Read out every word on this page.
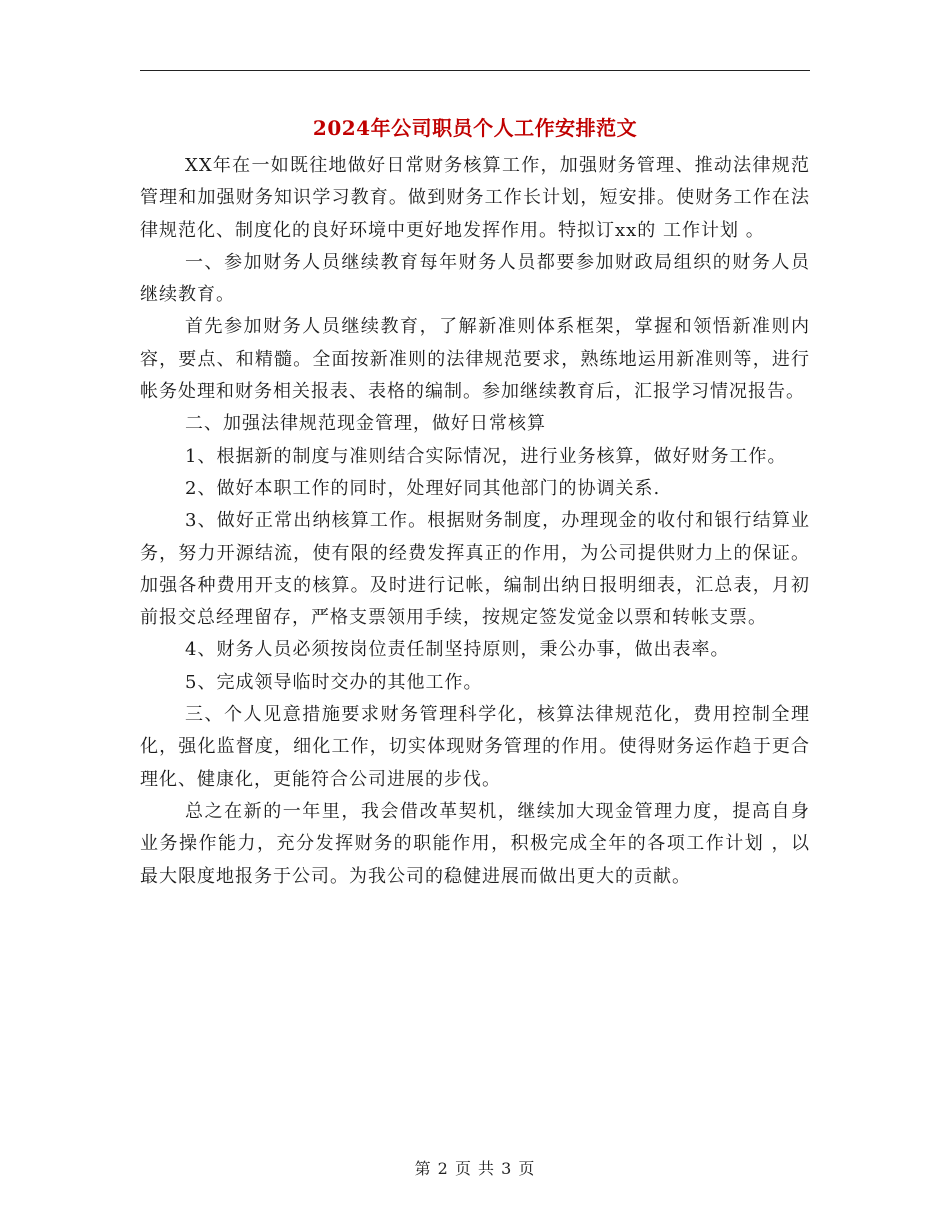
2024年公司职员个人工作安排范文

XX年在一如既往地做好日常财务核算工作，加强财务管理、推动法律规范管理和加强财务知识学习教育。做到财务工作长计划，短安排。使财务工作在法律规范化、制度化的良好环境中更好地发挥作用。特拟订xx的 工作计划 。

一、参加财务人员继续教育每年财务人员都要参加财政局组织的财务人员继续教育。

首先参加财务人员继续教育，了解新准则体系框架，掌握和领悟新准则内容，要点、和精髓。全面按新准则的法律规范要求，熟练地运用新准则等，进行帐务处理和财务相关报表、表格的编制。参加继续教育后，汇报学习情况报告。

二、加强法律规范现金管理，做好日常核算

1、根据新的制度与准则结合实际情况，进行业务核算，做好财务工作。

2、做好本职工作的同时，处理好同其他部门的协调关系.

3、做好正常出纳核算工作。根据财务制度，办理现金的收付和银行结算业务，努力开源结流，使有限的经费发挥真正的作用，为公司提供财力上的保证。加强各种费用开支的核算。及时进行记帐，编制出纳日报明细表，汇总表，月初前报交总经理留存，严格支票领用手续，按规定签发觉金以票和转帐支票。

4、财务人员必须按岗位责任制坚持原则，秉公办事，做出表率。

5、完成领导临时交办的其他工作。

三、个人见意措施要求财务管理科学化，核算法律规范化，费用控制全理化，强化监督度，细化工作，切实体现财务管理的作用。使得财务运作趋于更合理化、健康化，更能符合公司进展的步伐。

总之在新的一年里，我会借改革契机，继续加大现金管理力度，提高自身业务操作能力，充分发挥财务的职能作用，积极完成全年的各项工作计划 ，以最大限度地报务于公司。为我公司的稳健进展而做出更大的贡献。

第 2 页 共 3 页
